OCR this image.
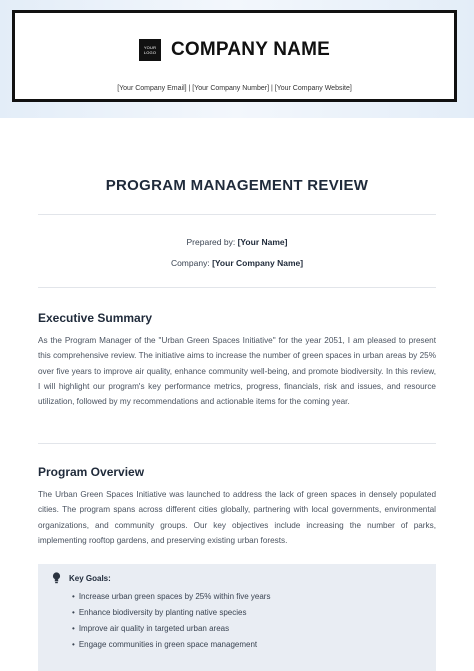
YOUR
LOGO COMPANY NAME
[Your Company Email] | [Your Company Number] | [Your Company Website]
PROGRAM MANAGEMENT REVIEW
Prepared by: [Your Name]
Company: [Your Company Name]
Executive Summary
As the Program Manager of the "Urban Green Spaces Initiative" for the year 2051, I am pleased to present this comprehensive review. The initiative aims to increase the number of green spaces in urban areas by 25% over five years to improve air quality, enhance community well-being, and promote biodiversity. In this review, I will highlight our program's key performance metrics, progress, financials, risk and issues, and resource utilization, followed by my recommendations and actionable items for the coming year.
Program Overview
The Urban Green Spaces Initiative was launched to address the lack of green spaces in densely populated cities. The program spans across different cities globally, partnering with local governments, environmental organizations, and community groups. Our key objectives include increasing the number of parks, implementing rooftop gardens, and preserving existing urban forests.
Key Goals:
• Increase urban green spaces by 25% within five years
• Enhance biodiversity by planting native species
• Improve air quality in targeted urban areas
• Engage communities in green space management
